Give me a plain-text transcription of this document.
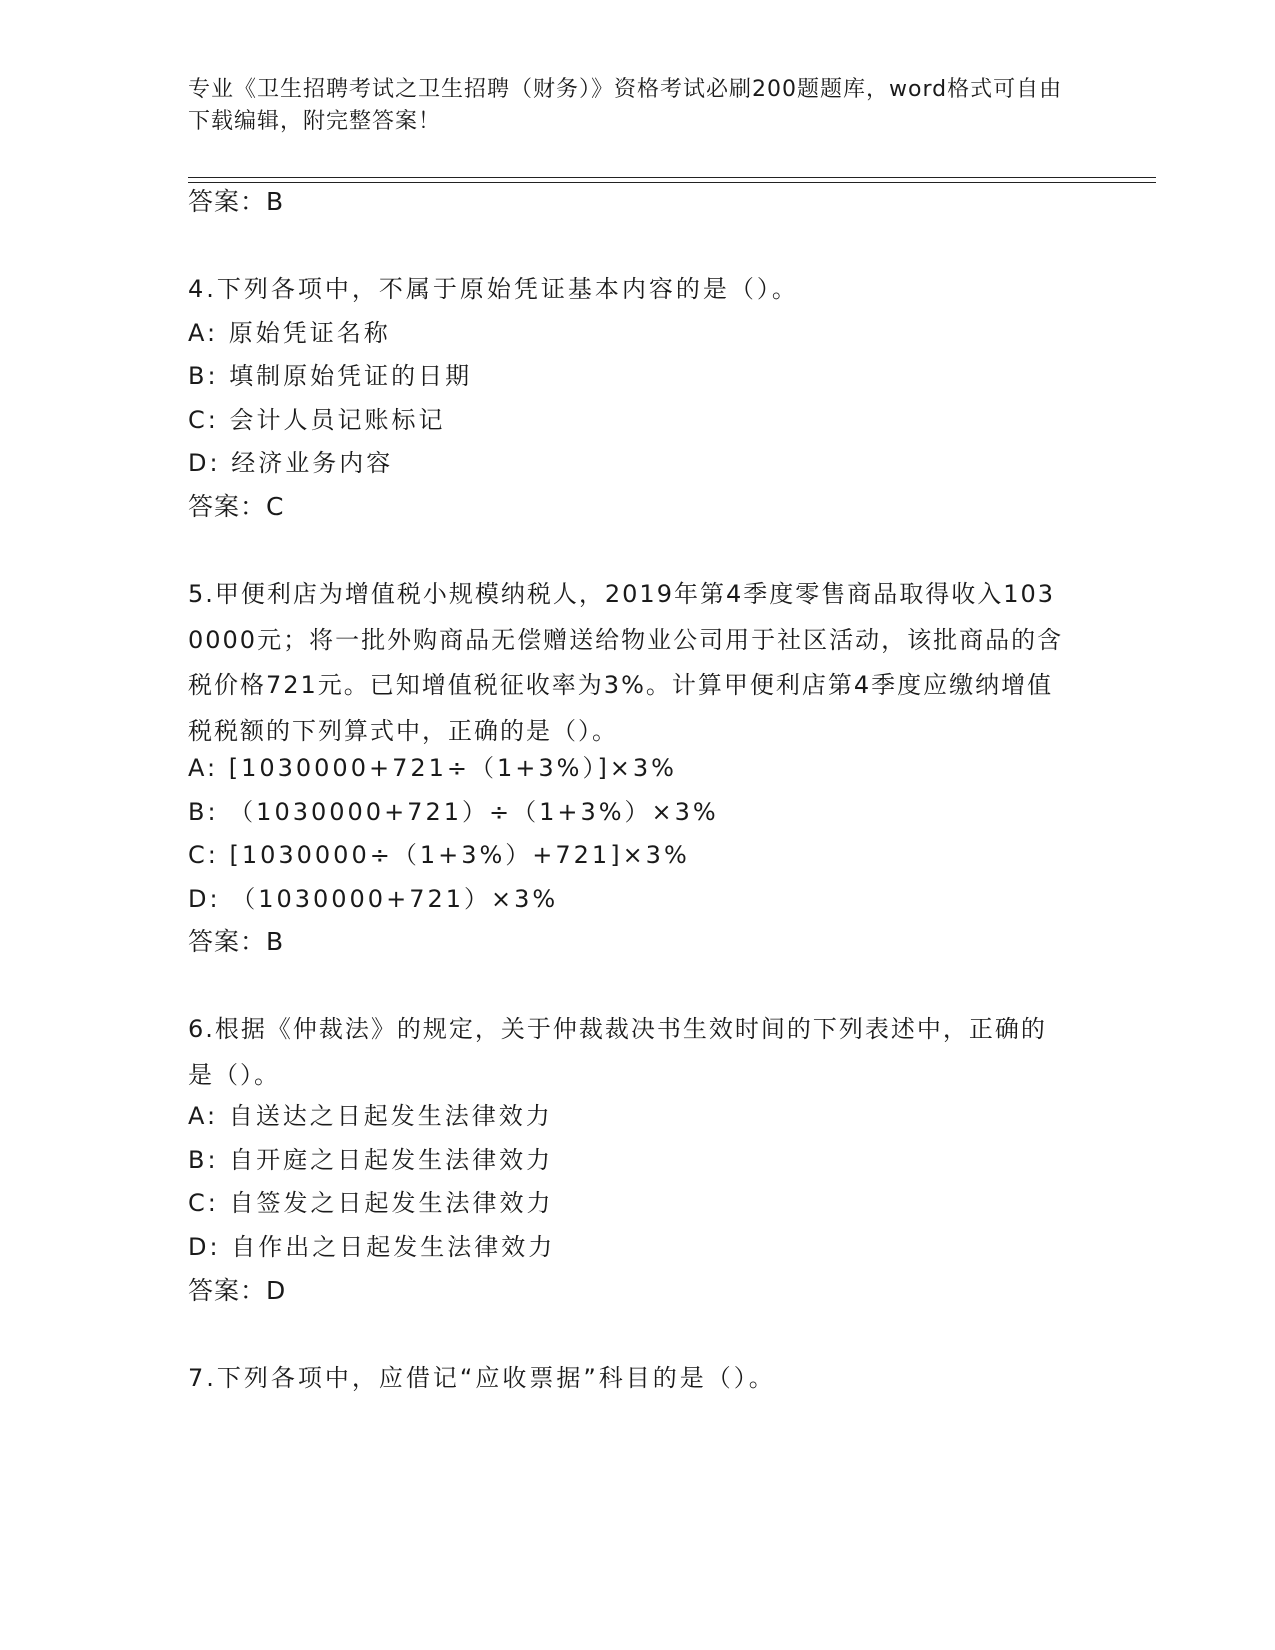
专业《卫生招聘考试之卫生招聘（财务）》资格考试必刷200题题库，word格式可自由下载编辑，附完整答案！
答案：B
4.下列各项中，不属于原始凭证基本内容的是（）。
A: 原始凭证名称
B: 填制原始凭证的日期
C: 会计人员记账标记
D: 经济业务内容
答案：C
5.甲便利店为增值税小规模纳税人，2019年第4季度零售商品取得收入1030000元；将一批外购商品无偿赠送给物业公司用于社区活动，该批商品的含税价格721元。已知增值税征收率为3%。计算甲便利店第4季度应缴纳增值税税额的下列算式中，正确的是（）。
A: [1030000+721÷（1+3%）]×3%
B: （1030000+721）÷（1+3%）×3%
C: [1030000÷（1+3%）+721]×3%
D: （1030000+721）×3%
答案：B
6.根据《仲裁法》的规定，关于仲裁裁决书生效时间的下列表述中，正确的是（）。
A: 自送达之日起发生法律效力
B: 自开庭之日起发生法律效力
C: 自签发之日起发生法律效力
D: 自作出之日起发生法律效力
答案：D
7.下列各项中，应借记“应收票据”科目的是（）。
